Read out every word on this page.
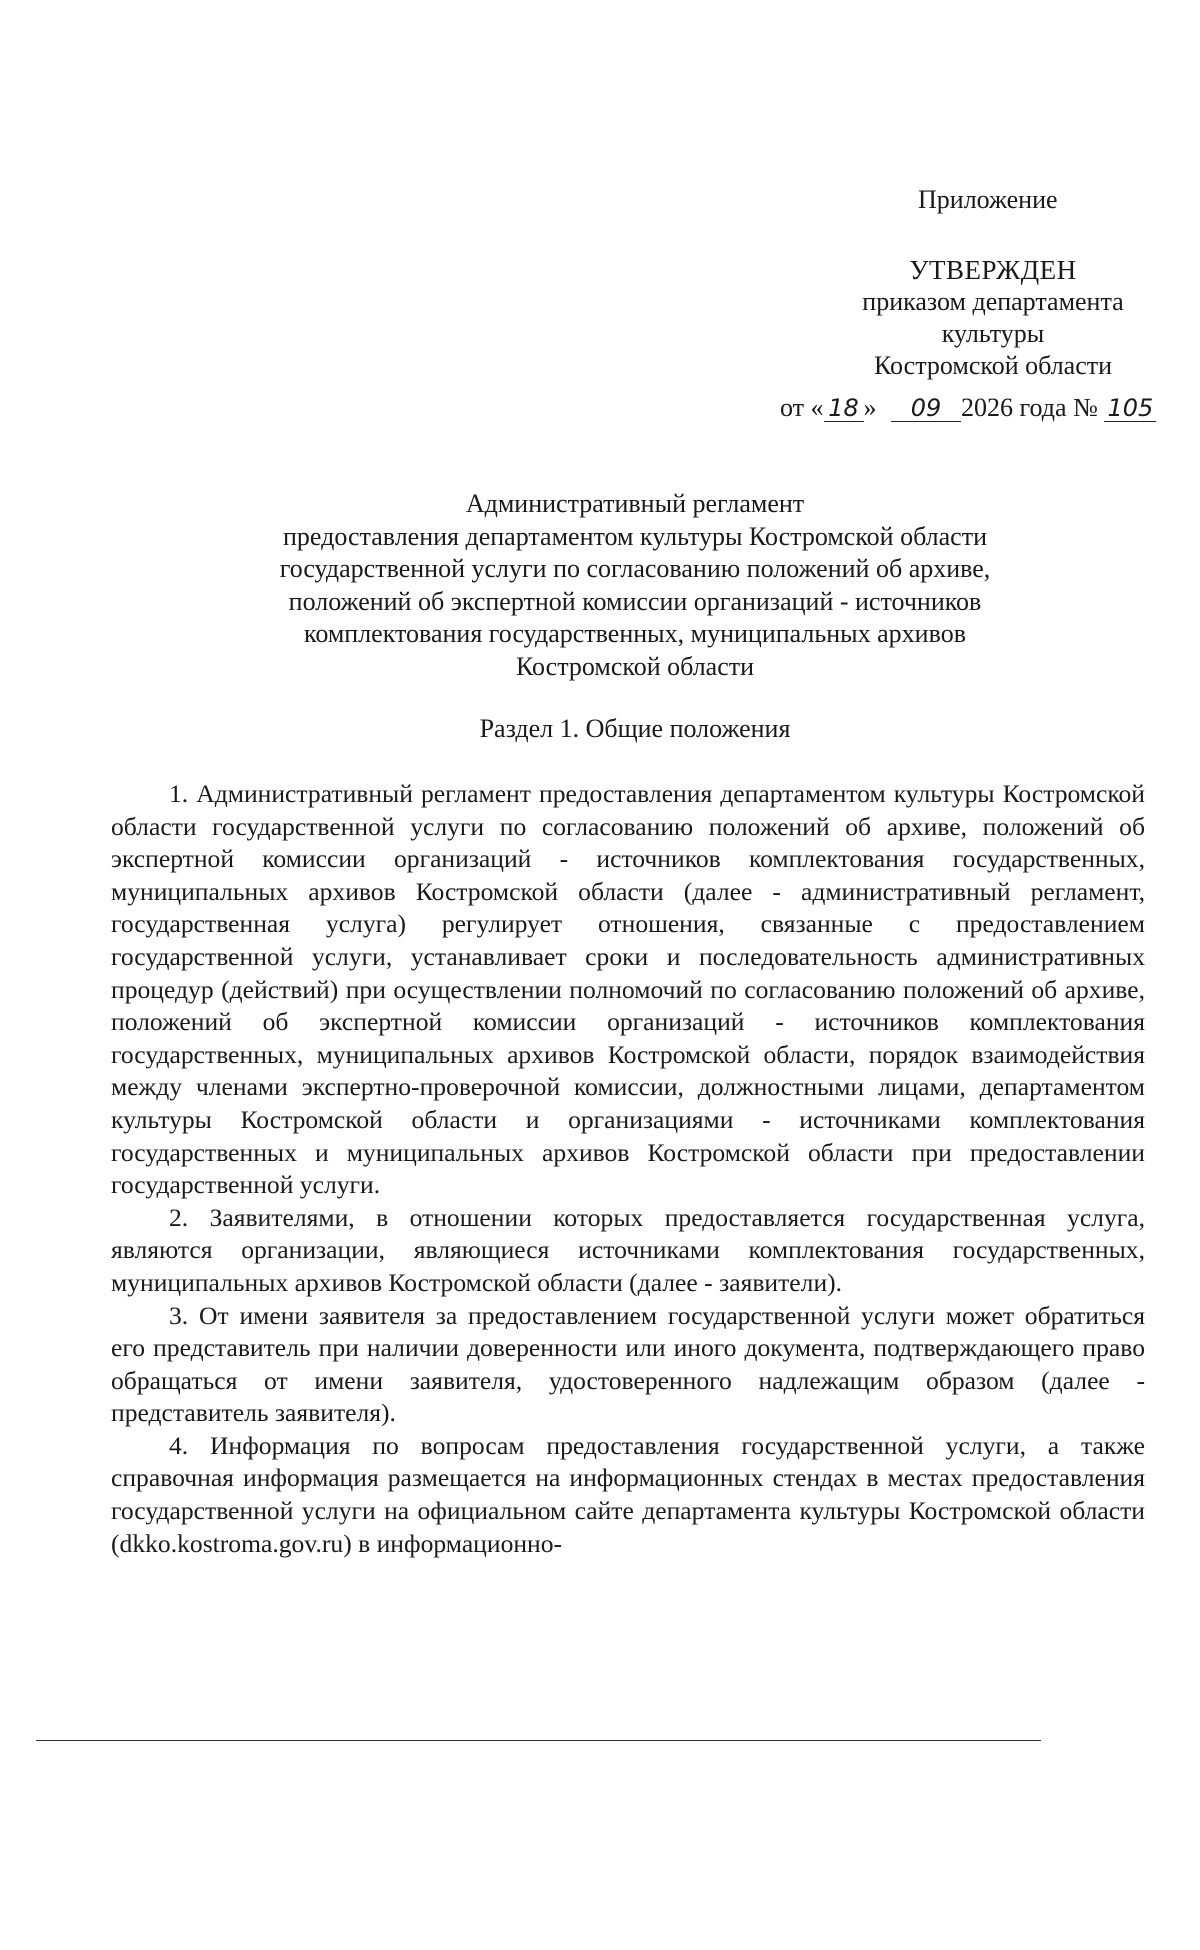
Приложение
УТВЕРЖДЕН
приказом департамента
культуры
Костромской области
от « 18 » 09 2026 года № 105
Административный регламент
предоставления департаментом культуры Костромской области
государственной услуги по согласованию положений об архиве,
положений об экспертной комиссии организаций - источников
комплектования государственных, муниципальных архивов
Костромской области
Раздел 1. Общие положения

1. Административный регламент предоставления департаментом культуры Костромской области государственной услуги по согласованию положений об архиве, положений об экспертной комиссии организаций - источников комплектования государственных, муниципальных архивов Костромской области (далее - административный регламент, государственная услуга) регулирует отношения, связанные с предоставлением государственной услуги, устанавливает сроки и последовательность административных процедур (действий) при осуществлении полномочий по согласованию положений об архиве, положений об экспертной комиссии организаций - источников комплектования государственных, муниципальных архивов Костромской области, порядок взаимодействия между членами экспертно-проверочной комиссии, должностными лицами, департаментом культуры Костромской области и организациями - источниками комплектования государственных и муниципальных архивов Костромской области при предоставлении государственной услуги.

2. Заявителями, в отношении которых предоставляется государственная услуга, являются организации, являющиеся источниками комплектования государственных, муниципальных архивов Костромской области (далее - заявители).

3. От имени заявителя за предоставлением государственной услуги может обратиться его представитель при наличии доверенности или иного документа, подтверждающего право обращаться от имени заявителя, удостоверенного надлежащим образом (далее - представитель заявителя).

4. Информация по вопросам предоставления государственной услуги, а также справочная информация размещается на информационных стендах в местах предоставления государственной услуги на официальном сайте департамента культуры Костромской области (dkko.kostroma.gov.ru) в информационно-
